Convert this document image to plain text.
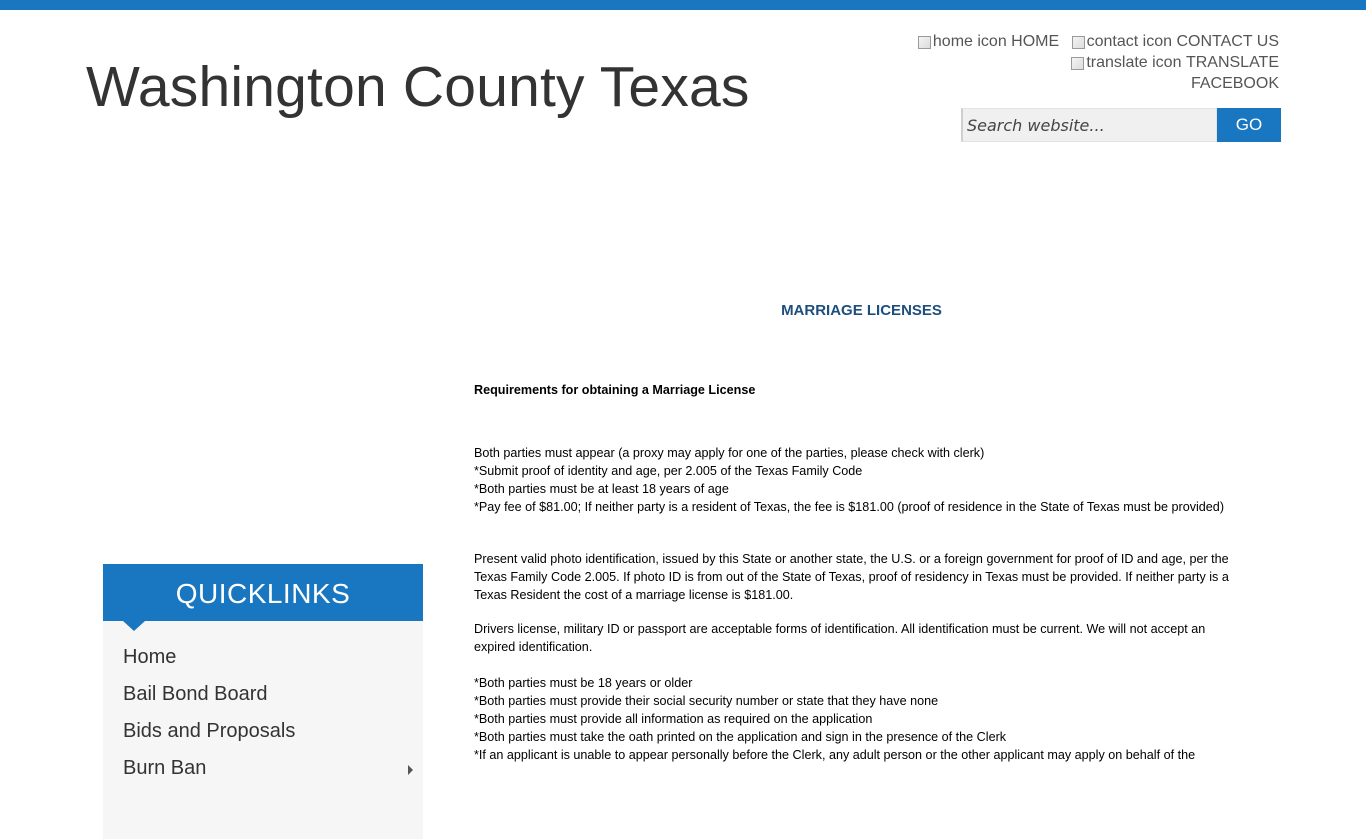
Washington County Texas
home icon
HOME
contact icon
CONTACT US
translate icon
TRANSLATE
FACEBOOK
Search website...
GO
QUICKLINKS
Home
Bail Bond Board
Bids and Proposals
Burn Ban
MARRIAGE LICENSES
Requirements for obtaining a Marriage License

Both parties must appear (a proxy may apply for one of the parties, please check with clerk)

*Submit proof of identity and age, per 2.005 of the Texas Family Code

*Both parties must be at least 18 years of age

*Pay fee of $81.00; If neither party is a resident of Texas, the fee is $181.00 (proof of residence in the State of Texas must be provided)

Present valid photo identification, issued by this State or another state, the U.S. or a foreign government for proof of ID and age, per the Texas Family Code 2.005. If photo ID is from out of the State of Texas, proof of residency in Texas must be provided. If neither party is a Texas Resident the cost of a marriage license is $181.00.

Drivers license, military ID or passport are acceptable forms of identification. All identification must be current. We will not accept an expired identification.

*Both parties must be 18 years or older

*Both parties must provide their social security number or state that they have none

*Both parties must provide all information as required on the application

*Both parties must take the oath printed on the application and sign in the presence of the Clerk

*If an applicant is unable to appear personally before the Clerk, any adult person or the other applicant may apply on behalf of the
